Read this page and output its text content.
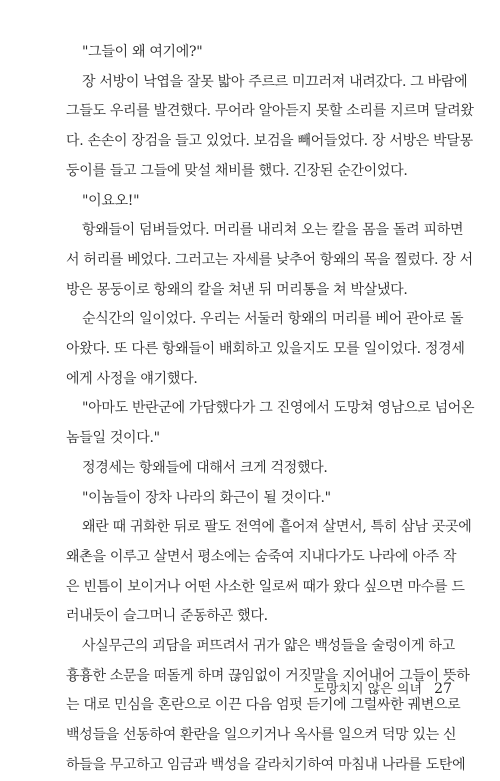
"그들이 왜 여기에?"
장 서방이 낙엽을 잘못 밟아 주르르 미끄러져 내려갔다. 그 바람에
그들도 우리를 발견했다. 무어라 알아듣지 못할 소리를 지르며 달려왔
다. 손손이 장검을 들고 있었다. 보검을 빼어들었다. 장 서방은 박달몽
둥이를 들고 그들에 맞설 채비를 했다. 긴장된 순간이었다.
"이요오!"
항왜들이 덤벼들었다. 머리를 내리쳐 오는 칼을 몸을 돌려 피하면
서 허리를 베었다. 그러고는 자세를 낮추어 항왜의 목을 찔렀다. 장 서
방은 몽둥이로 항왜의 칼을 쳐낸 뒤 머리통을 쳐 박살냈다.
순식간의 일이었다. 우리는 서둘러 항왜의 머리를 베어 관아로 돌
아왔다. 또 다른 항왜들이 배회하고 있을지도 모를 일이었다. 정경세
에게 사정을 얘기했다.
"아마도 반란군에 가담했다가 그 진영에서 도망쳐 영남으로 넘어온
놈들일 것이다."
정경세는 항왜들에 대해서 크게 걱정했다.
"이놈들이 장차 나라의 화근이 될 것이다."
왜란 때 귀화한 뒤로 팔도 전역에 흩어져 살면서, 특히 삼남 곳곳에
왜촌을 이루고 살면서 평소에는 숨죽여 지내다가도 나라에 아주 작
은 빈틈이 보이거나 어떤 사소한 일로써 때가 왔다 싶으면 마수를 드
러내듯이 슬그머니 준동하곤 했다.
사실무근의 괴담을 퍼뜨려서 귀가 얇은 백성들을 술렁이게 하고
흉흉한 소문을 떠돌게 하며 끊임없이 거짓말을 지어내어 그들이 뜻하
는 대로 민심을 혼란으로 이끈 다음 엄펏 듣기에 그럴싸한 궤변으로
백성들을 선동하여 환란을 일으키거나 옥사를 일으켜 덕망 있는 신
하들을 무고하고 임금과 백성을 갈라치기하여 마침내 나라를 도탄에
도망치지 않은 의녀 27
